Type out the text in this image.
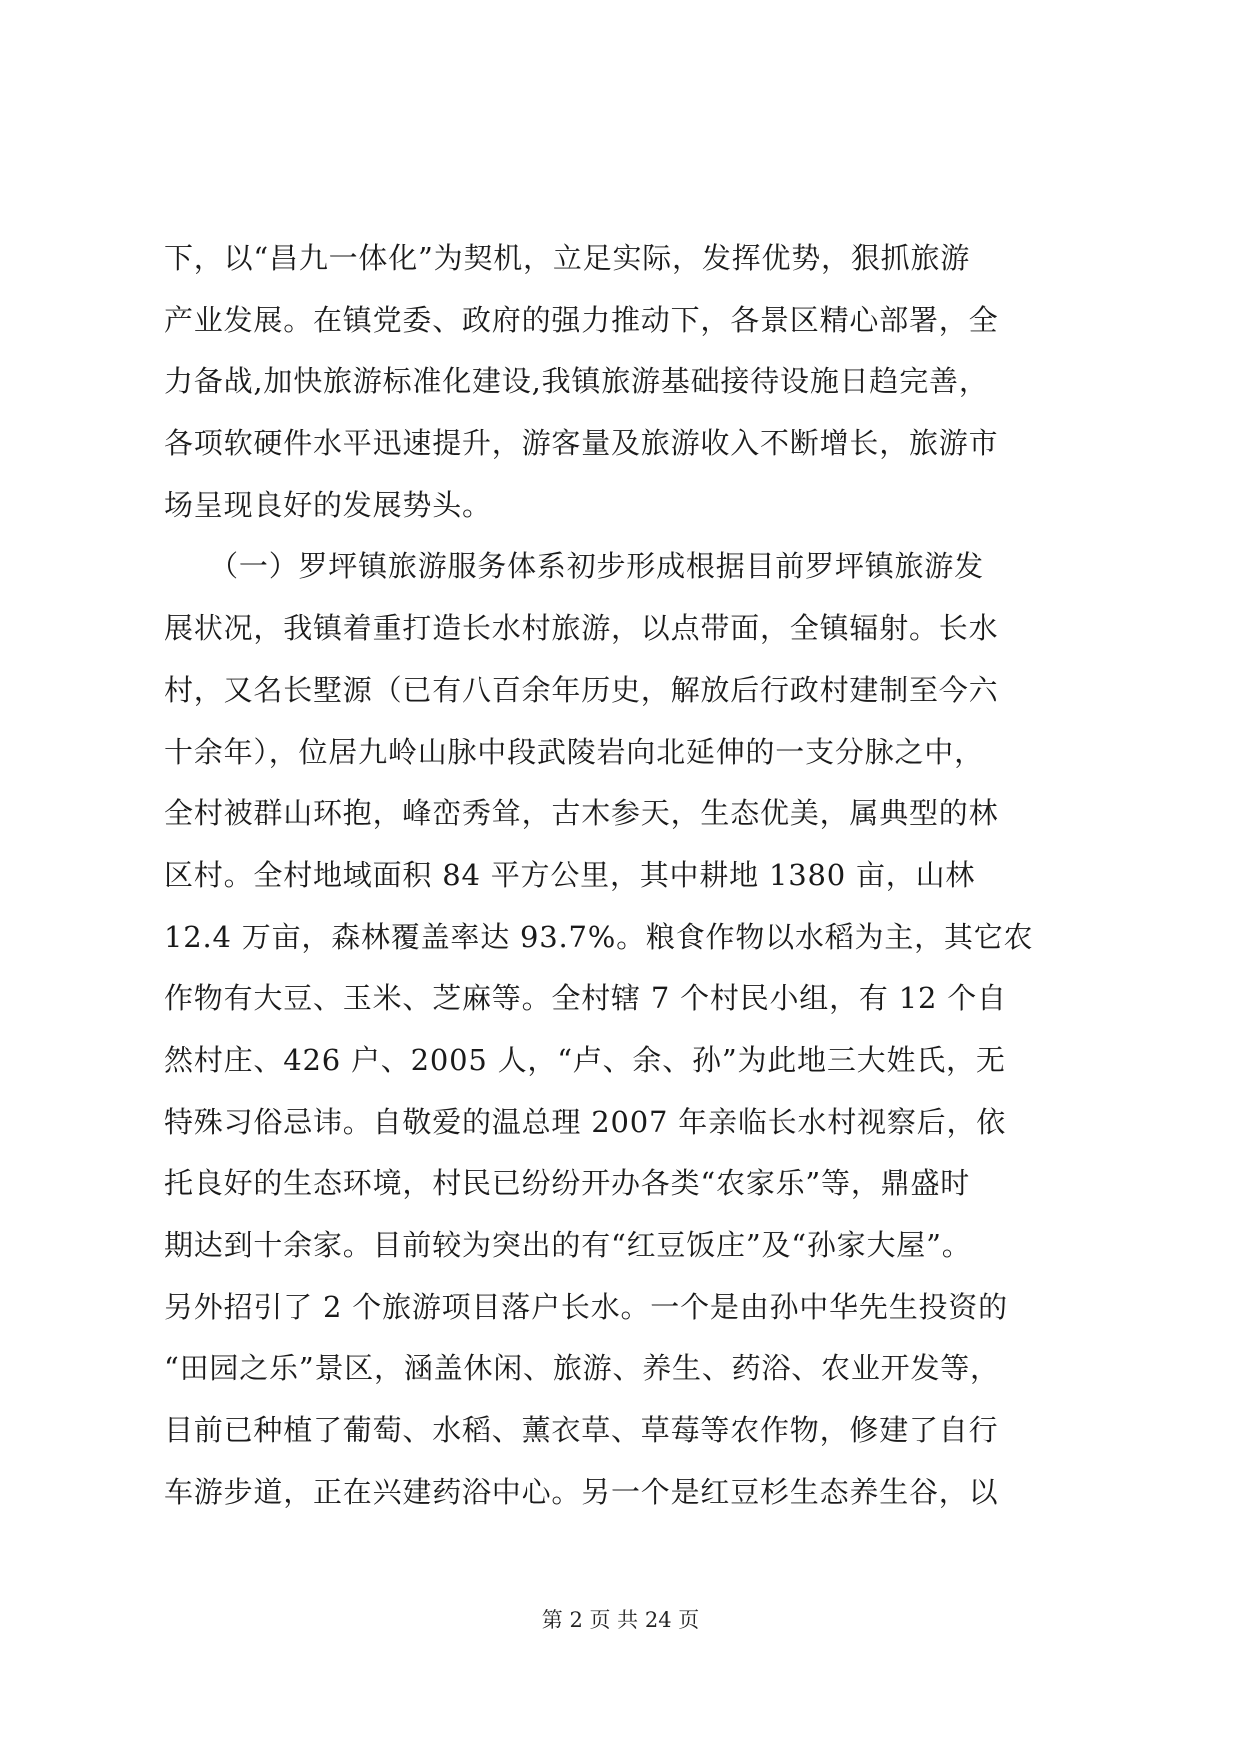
下，以“昌九一体化”为契机，立足实际，发挥优势，狠抓旅游
产业发展。在镇党委、政府的强力推动下，各景区精心部署，全
力备战,加快旅游标准化建设,我镇旅游基础接待设施日趋完善，
各项软硬件水平迅速提升，游客量及旅游收入不断增长，旅游市
场呈现良好的发展势头。
　　（一）罗坪镇旅游服务体系初步形成根据目前罗坪镇旅游发
展状况，我镇着重打造长水村旅游，以点带面，全镇辐射。长水
村，又名长墅源（已有八百余年历史，解放后行政村建制至今六
十余年），位居九岭山脉中段武陵岩向北延伸的一支分脉之中，
全村被群山环抱，峰峦秀耸，古木参天，生态优美，属典型的林
区村。全村地域面积 84 平方公里，其中耕地 1380 亩，山林
12.4 万亩，森林覆盖率达 93.7%。粮食作物以水稻为主，其它农
作物有大豆、玉米、芝麻等。全村辖 7 个村民小组，有 12 个自
然村庄、426 户、2005 人，“卢、余、孙”为此地三大姓氏，无
特殊习俗忌讳。自敬爱的温总理 2007 年亲临长水村视察后，依
托良好的生态环境，村民已纷纷开办各类“农家乐”等，鼎盛时
期达到十余家。目前较为突出的有“红豆饭庄”及“孙家大屋”。
另外招引了 2 个旅游项目落户长水。一个是由孙中华先生投资的
“田园之乐”景区，涵盖休闲、旅游、养生、药浴、农业开发等，
目前已种植了葡萄、水稻、薰衣草、草莓等农作物，修建了自行
车游步道，正在兴建药浴中心。另一个是红豆杉生态养生谷，以
第 2 页 共 24 页
